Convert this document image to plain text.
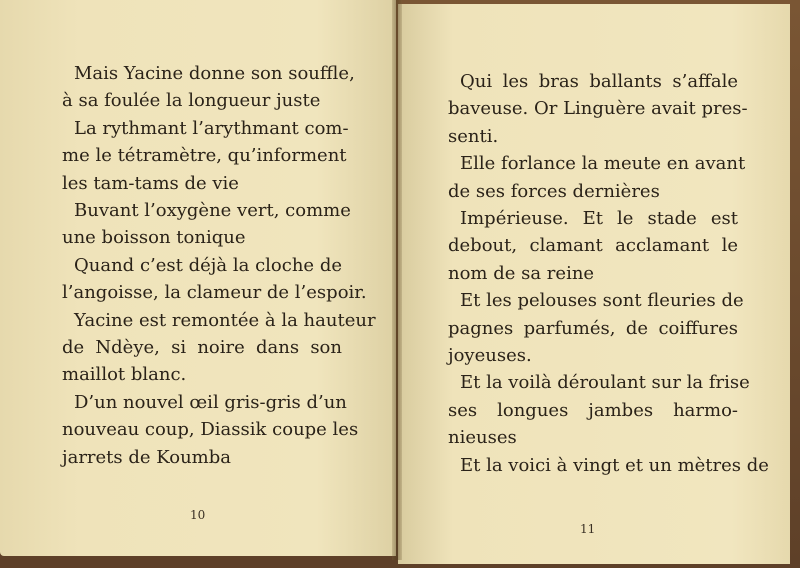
Mais Yacine donne son souffle,
à sa foulée la longueur juste
La rythmant l’arythmant com-
me le tétramètre, qu’informent
les tam-tams de vie
Buvant l’oxygène vert, comme
une boisson tonique
Quand c’est déjà la cloche de
l’angoisse, la clameur de l’espoir.
Yacine est remontée à la hauteur
de Ndèye, si noire dans son
maillot blanc.
D’un nouvel œil gris-gris d’un
nouveau coup, Diassik coupe les
jarrets de Koumba
10
Qui les bras ballants s’affale
baveuse. Or Linguère avait pres-
senti.
Elle forlance la meute en avant
de ses forces dernières
Impérieuse. Et le stade est
debout, clamant acclamant le
nom de sa reine
Et les pelouses sont fleuries de
pagnes parfumés, de coiffures
joyeuses.
Et la voilà déroulant sur la frise
ses longues jambes harmo-
nieuses
Et la voici à vingt et un mètres de
11
